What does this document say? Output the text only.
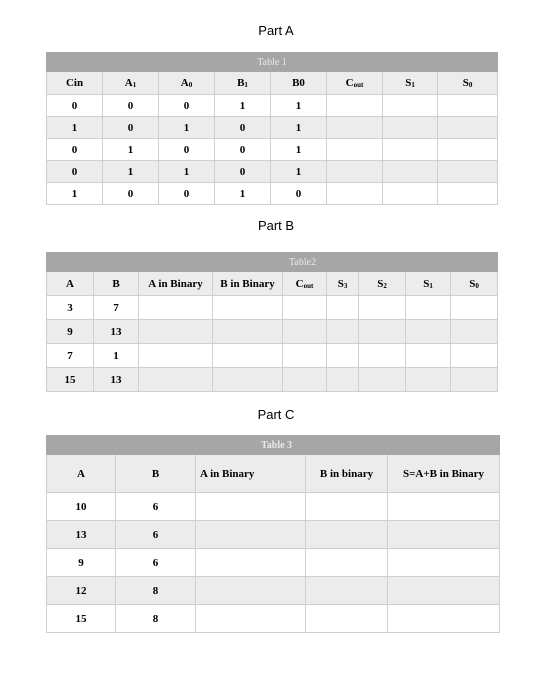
Part A
Table 1							
Cin	$A_1$	$A_0$	$B_1$	B0	$C_{out}$	$S_1$	$S_0$
0	0	0	1	1			
1	0	1	0	1			
0	1	0	0	1			
0	1	1	0	1			
1	0	0	1	0			
Part B
		Table2						
A	B	A in Binary	B in Binary	$C_{out}$	$S_3$	$S_2$	$S_1$	$S_0$
3	7							
9	13							
7	1							
15	13							
Part C
		Table 3		
A	B	A in Binary	B in binary	S=A+B in Binary
10	6			
13	6			
9	6			
12	8			
15	8			
